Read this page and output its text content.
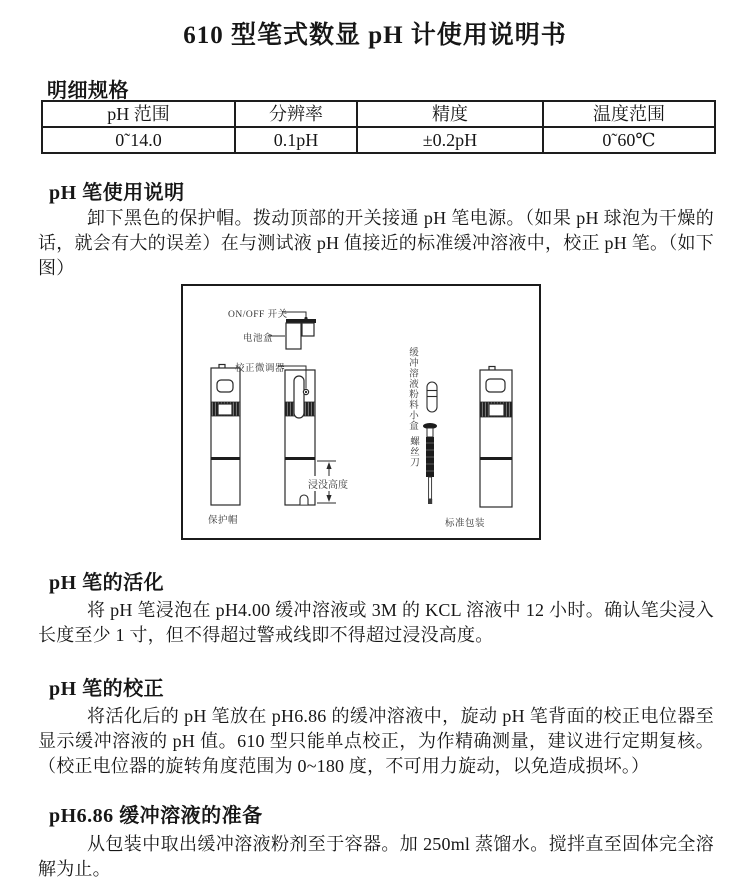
610 型笔式数显 pH 计使用说明书
明细规格
pH 范围	分辨率	精度	温度范围
0˜14.0	0.1pH	±0.2pH	0˜60℃
pH 笔使用说明
卸下黑色的保护帽。拨动顶部的开关接通 pH 笔电源。（如果 pH 球泡为干燥的话，就会有大的误差）在与测试液 pH 值接近的标准缓冲溶液中，校正 pH 笔。（如下图）
ON/OFF 开关
电池盒
校正微调器	缓冲溶液粉料小盒
螺丝刀
浸没高度
保护帽	标准包装
pH 笔的活化
将 pH 笔浸泡在 pH4.00 缓冲溶液或 3M 的 KCL 溶液中 12 小时。确认笔尖浸入长度至少 1 寸，但不得超过警戒线即不得超过浸没高度。
pH 笔的校正
将活化后的 pH 笔放在 pH6.86 的缓冲溶液中，旋动 pH 笔背面的校正电位器至显示缓冲溶液的 pH 值。610 型只能单点校正，为作精确测量，建议进行定期复核。（校正电位器的旋转角度范围为 0~180 度，不可用力旋动，以免造成损坏。）
pH6.86 缓冲溶液的准备
从包装中取出缓冲溶液粉剂至于容器。加 250ml 蒸馏水。搅拌直至固体完全溶解为止。
